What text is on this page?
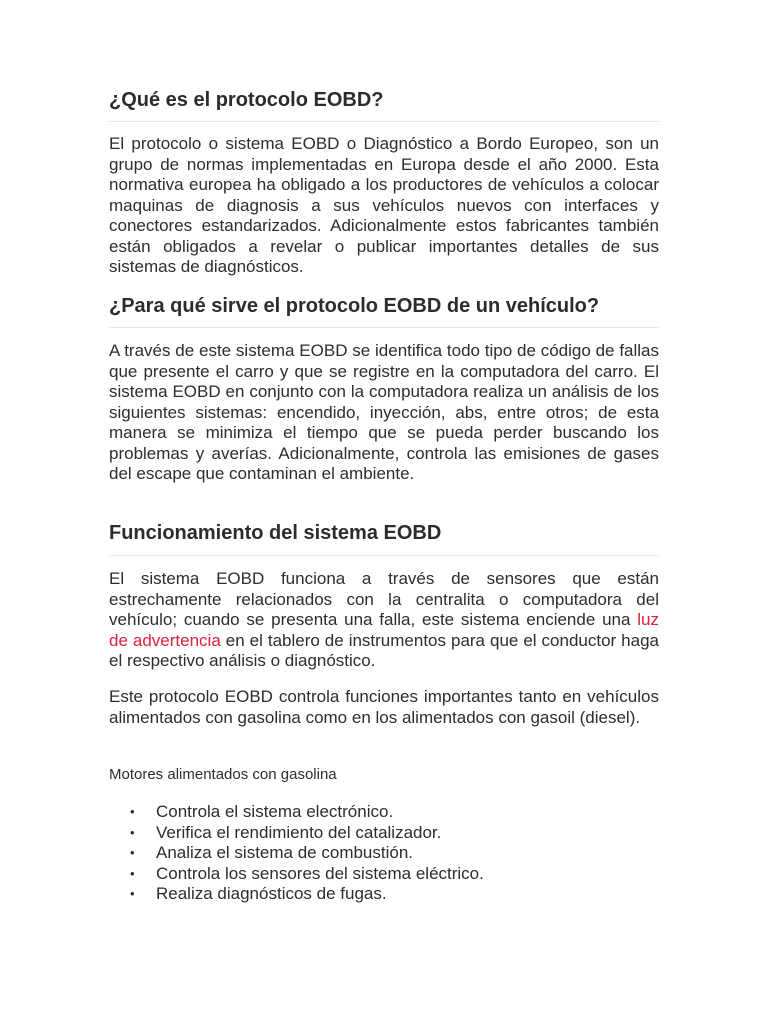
¿Qué es el protocolo EOBD?

El protocolo o sistema EOBD o Diagnóstico a Bordo Europeo, son un grupo de normas implementadas en Europa desde el año 2000. Esta normativa europea ha obligado a los productores de vehículos a colocar maquinas de diagnosis a sus vehículos nuevos con interfaces y conectores estandarizados. Adicionalmente estos fabricantes también están obligados a revelar o publicar importantes detalles de sus sistemas de diagnósticos.

¿Para qué sirve el protocolo EOBD de un vehículo?

A través de este sistema EOBD se identifica todo tipo de código de fallas que presente el carro y que se registre en la computadora del carro. El sistema EOBD en conjunto con la computadora realiza un análisis de los siguientes sistemas: encendido, inyección, abs, entre otros; de esta manera se minimiza el tiempo que se pueda perder buscando los problemas y averías. Adicionalmente, controla las emisiones de gases del escape que contaminan el ambiente.

Funcionamiento del sistema EOBD

El sistema EOBD funciona a través de sensores que están estrechamente relacionados con la centralita o computadora del vehículo; cuando se presenta una falla, este sistema enciende una luz de advertencia en el tablero de instrumentos para que el conductor haga el respectivo análisis o diagnóstico.

Este protocolo EOBD controla funciones importantes tanto en vehículos alimentados con gasolina como en los alimentados con gasoil (diesel).

Motores alimentados con gasolina
• Controla el sistema electrónico.
• Verifica el rendimiento del catalizador.
• Analiza el sistema de combustión.
• Controla los sensores del sistema eléctrico.
• Realiza diagnósticos de fugas.
